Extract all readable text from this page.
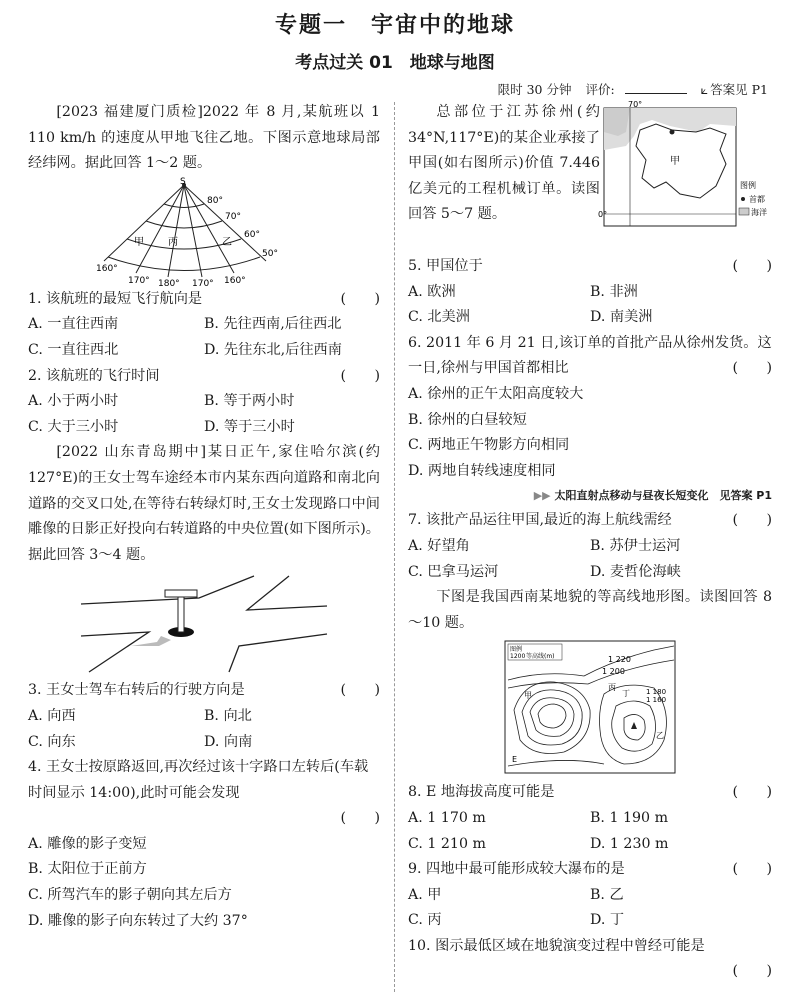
专题一　宇宙中的地球
考点过关 01　地球与地图
限时 30 分钟 评价:	⟀ 答案见 P1

[2023 福建厦门质检]2022 年 8 月,某航班以 1 110 km/h 的速度从甲地飞往乙地。下图示意地球局部经纬网。据此回答 1～2 题。

S
80°
70°
60°
50°
160°
170° 180° 170° 160°
甲 丙	乙

1. 该航班的最短飞行航向是	(　　)

A. 一直往西南	B. 先往西南,后往西北
C. 一直往西北	D. 先往东北,后往西南

2. 该航班的飞行时间	(　　)

A. 小于两小时	B. 等于两小时
C. 大于三小时	D. 等于三小时

[2022 山东青岛期中]某日正午,家住哈尔滨(约 127°E)的王女士驾车途经本市内某东西向道路和南北向道路的交叉口处,在等待右转绿灯时,王女士发现路口中间雕像的日影正好投向右转道路的中央位置(如下图所示)。据此回答 3～4 题。

3. 王女士驾车右转后的行驶方向是	(　　)

A. 向西	B. 向北
C. 向东	D. 向南

4. 王女士按原路返回,再次经过该十字路口左转后(车载时间显示 14:00),此时可能会发现

(　　)

A. 雕像的影子变短

B. 太阳位于正前方

C. 所驾汽车的影子朝向其左后方

D. 雕像的影子向东转过了大约 37°

总部位于江苏徐州(约 34°N,117°E)的某企业承接了甲国(如右图所示)价值 7.446 亿美元的工程机械订单。读图回答 5～7 题。

70°
0°
甲
图例
首都
海洋

5. 甲国位于	(　　)

A. 欧洲	B. 非洲
C. 北美洲	D. 南美洲

6. 2011 年 6 月 21 日,该订单的首批产品从徐州发货。这一日,徐州与甲国首都相比	(　　)

A. 徐州的正午太阳高度较大

B. 徐州的白昼较短

C. 两地正午物影方向相同

D. 两地自转线速度相同

▶▶ 太阳直射点移动与昼夜长短变化　见答案 P1

7. 该批产品运往甲国,最近的海上航线需经	(　　)

A. 好望角	B. 苏伊士运河
C. 巴拿马运河	D. 麦哲伦海峡

下图是我国西南某地貌的等高线地形图。读图回答 8～10 题。

图例
等高线(m)
1200	1 220
1 200
1 180
1 160
丙
丁
乙
甲
E

8. E 地海拔高度可能是	(　　)

A. 1 170 m	B. 1 190 m
C. 1 210 m	D. 1 230 m

9. 四地中最可能形成较大瀑布的是	(　　)

A. 甲	B. 乙
C. 丙	D. 丁

10. 图示最低区域在地貌演变过程中曾经可能是

(　　)
